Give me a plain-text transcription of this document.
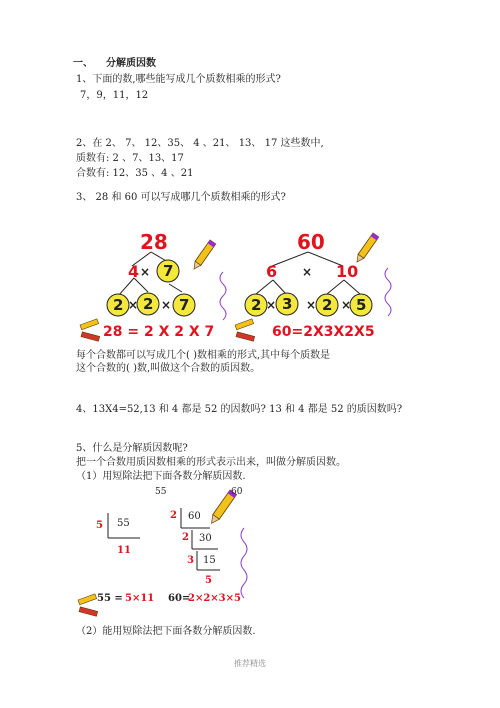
一、 分解质因数
1、下面的数,哪些能写成几个质数相乘的形式?
7，9，11，12
2、在 2、 7、 12、35、 4 、21、 13、 17 这些数中,
质数有: 2 、7、13、17
合数有: 12、35 、4 、21
3、 28 和 60 可以写成哪几个质数相乘的形式?
28
4 × 7
2 × 2 × 7
28 = 2 X 2 X 7
60
6 × 10
2 × 3 × 2 × 5
60=2X3X2X5
每个合数都可以写成几个( )数相乘的形式,其中每个质数是
这个合数的( )数,叫做这个合数的质因数。
4、13X4=52,13 和 4 都是 52 的因数吗? 13 和 4 都是 52 的质因数吗?
5、什么是分解质因数呢?
把一个合数用质因数相乘的形式表示出来，叫做分解质因数。
（1）用短除法把下面各数分解质因数.
55	60
5 55
11
2 60
2 30
3 15
5
55 = 5×11 60=
2×2×3×5
（2）能用短除法把下面各数分解质因数.
推荐精选
